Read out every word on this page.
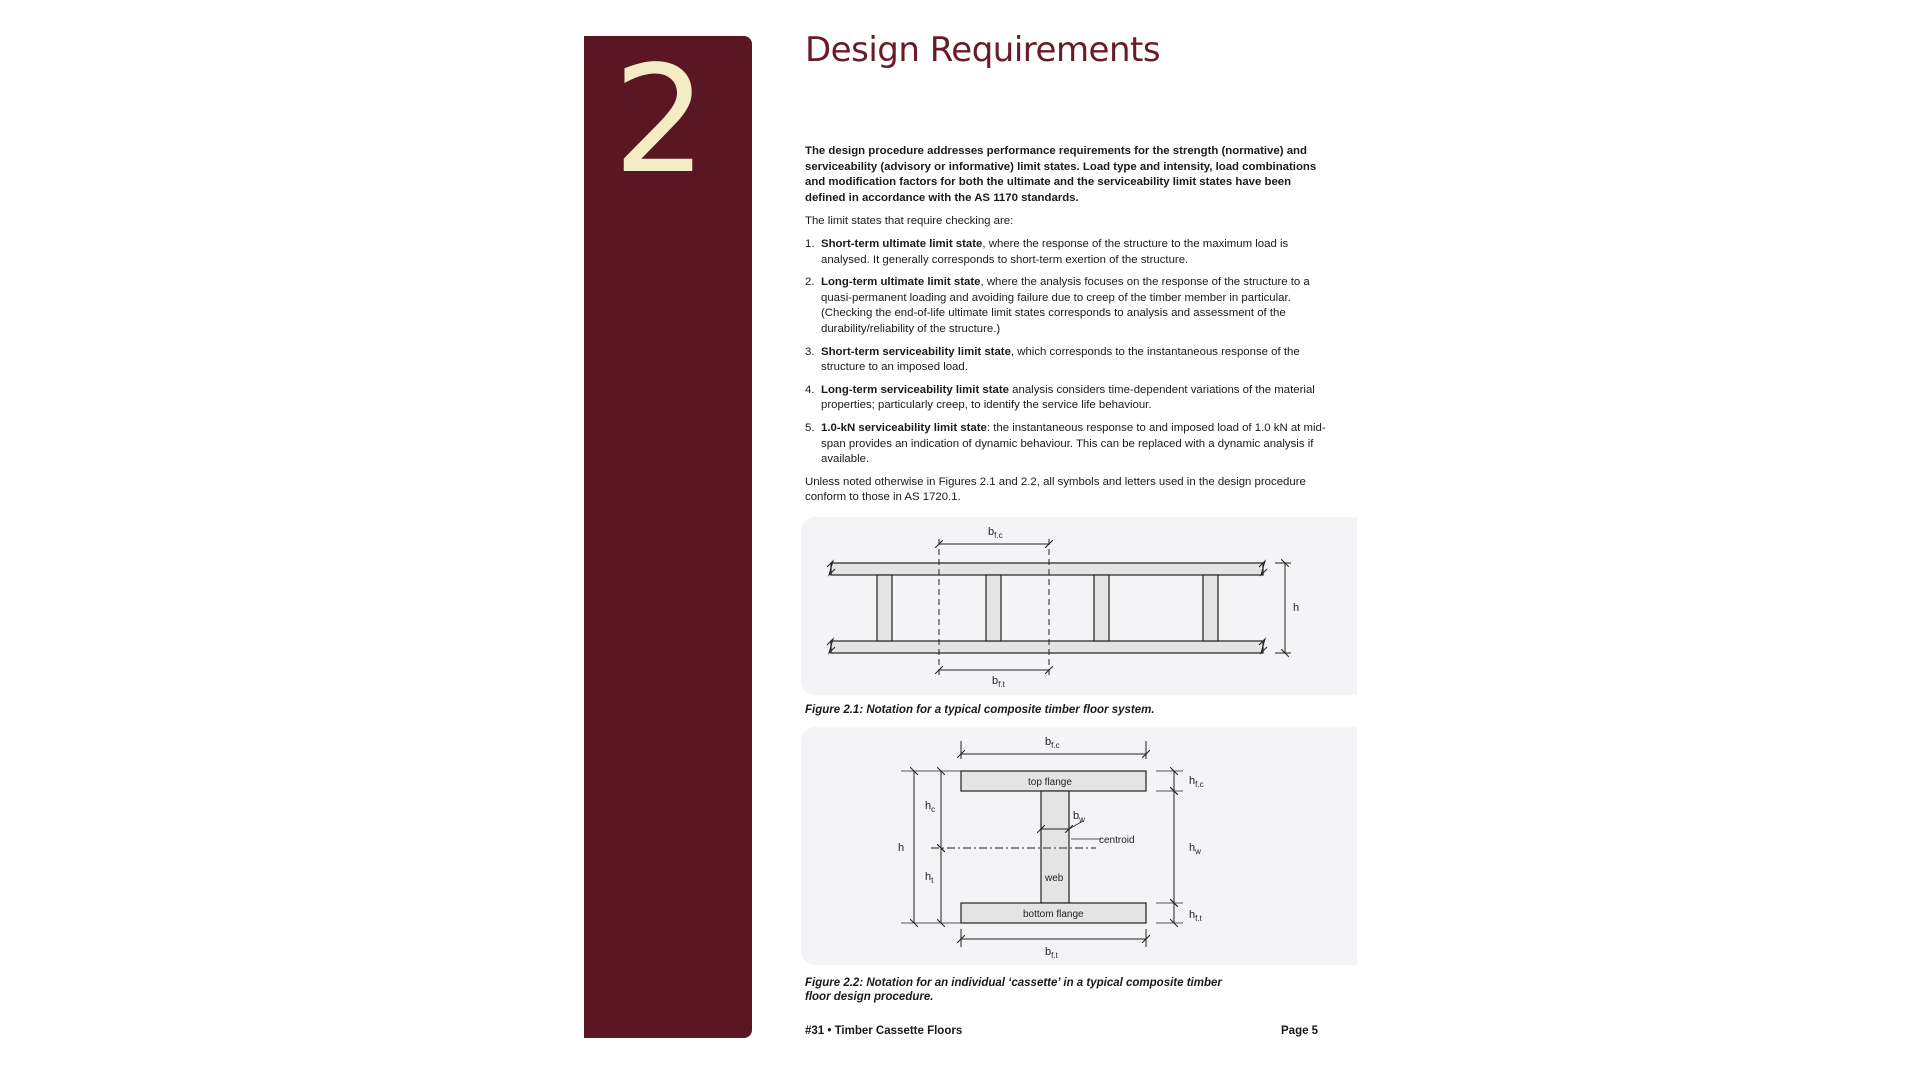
2	Design Requirements

The design procedure addresses performance requirements for the strength (normative) and serviceability (advisory or informative) limit states. Load type and intensity, load combinations and modification factors for both the ultimate and the serviceability limit states have been defined in accordance with the AS 1170 standards.

The limit states that require checking are:

1. Short-term ultimate limit state, where the response of the structure to the maximum load is analysed. It generally corresponds to short-term exertion of the structure.
2. Long-term ultimate limit state, where the analysis focuses on the response of the structure to a quasi-permanent loading and avoiding failure due to creep of the timber member in particular. (Checking the end-of-life ultimate limit states corresponds to analysis and assessment of the durability/reliability of the structure.)
3. Short-term serviceability limit state, which corresponds to the instantaneous response of the structure to an imposed load.
4. Long-term serviceability limit state analysis considers time-dependent variations of the material properties; particularly creep, to identify the service life behaviour.
5. 1.0-kN serviceability limit state: the instantaneous response to and imposed load of 1.0 kN at mid-span provides an indication of dynamic behaviour. This can be replaced with a dynamic analysis if available.

Unless noted otherwise in Figures 2.1 and 2.2, all symbols and letters used in the design procedure conform to those in AS 1720.1.

$b_{f.c}$
$b_{f.t}$
h
Figure 2.1: Notation for a typical composite timber floor system.
top flange
web
bottom flange
centroid
$b_w$
$b_{f.c}$
$b_{f.t}$
h
$h_c$
$h_t$
$h_{f.c}$
$h_w$
$h_{f.t}$
Figure 2.2: Notation for an individual ‘cassette’ in a typical composite timber floor design procedure.
#31 • Timber Cassette Floors	Page 5
